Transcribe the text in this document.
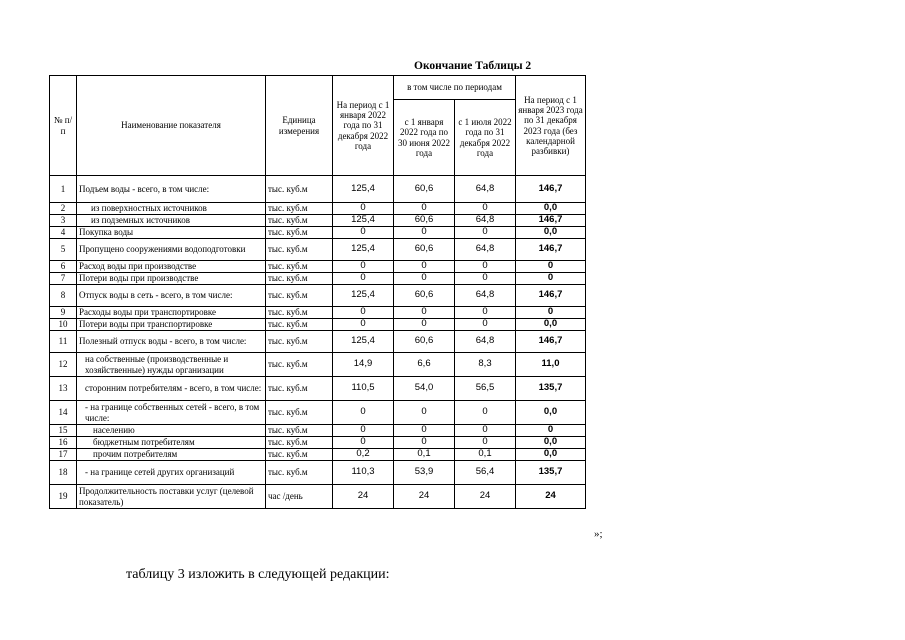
Окончание Таблицы 2
№ п/п	Наименование показателя	Единица измерения	На период с 1 января 2022 года по 31 декабря 2022 года	в том числе по периодам		На период с 1 января 2023 года по 31 декабря 2023 года (без календарной разбивки)
				с 1 января 2022 года по 30 июня 2022 года	с 1 июля 2022 года по 31 декабря 2022 года	
1	Подъем воды - всего, в том числе:	тыс. куб.м	125,4	60,6	64,8	146,7
2	из поверхностных источников	тыс. куб.м	0	0	0	0,0
3	из подземных источников	тыс. куб.м	125,4	60,6	64,8	146,7
4	Покупка воды	тыс. куб.м	0	0	0	0,0
5	Пропущено сооружениями водоподготовки	тыс. куб.м	125,4	60,6	64,8	146,7
6	Расход воды при производстве	тыс. куб.м	0	0	0	0
7	Потери воды при производстве	тыс. куб.м	0	0	0	0
8	Отпуск воды в сеть - всего, в том числе:	тыс. куб.м	125,4	60,6	64,8	146,7
9	Расходы воды при транспортировке	тыс. куб.м	0	0	0	0
10	Потери воды при транспортировке	тыс. куб.м	0	0	0	0,0
11	Полезный отпуск воды - всего, в том числе:	тыс. куб.м	125,4	60,6	64,8	146,7
12	на собственные (производственные и хозяйственные) нужды организации	тыс. куб.м	14,9	6,6	8,3	11,0
13	сторонним потребителям - всего, в том числе:	тыс. куб.м	110,5	54,0	56,5	135,7
14	- на границе собственных сетей - всего, в том числе:	тыс. куб.м	0	0	0	0,0
15	населению	тыс. куб.м	0	0	0	0
16	бюджетным потребителям	тыс. куб.м	0	0	0	0,0
17	прочим потребителям	тыс. куб.м	0,2	0,1	0,1	0,0
18	- на границе сетей других организаций	тыс. куб.м	110,3	53,9	56,4	135,7
19	Продолжительность поставки услуг (целевой показатель)	час /день	24	24	24	24
»;
таблицу 3 изложить в следующей редакции:
